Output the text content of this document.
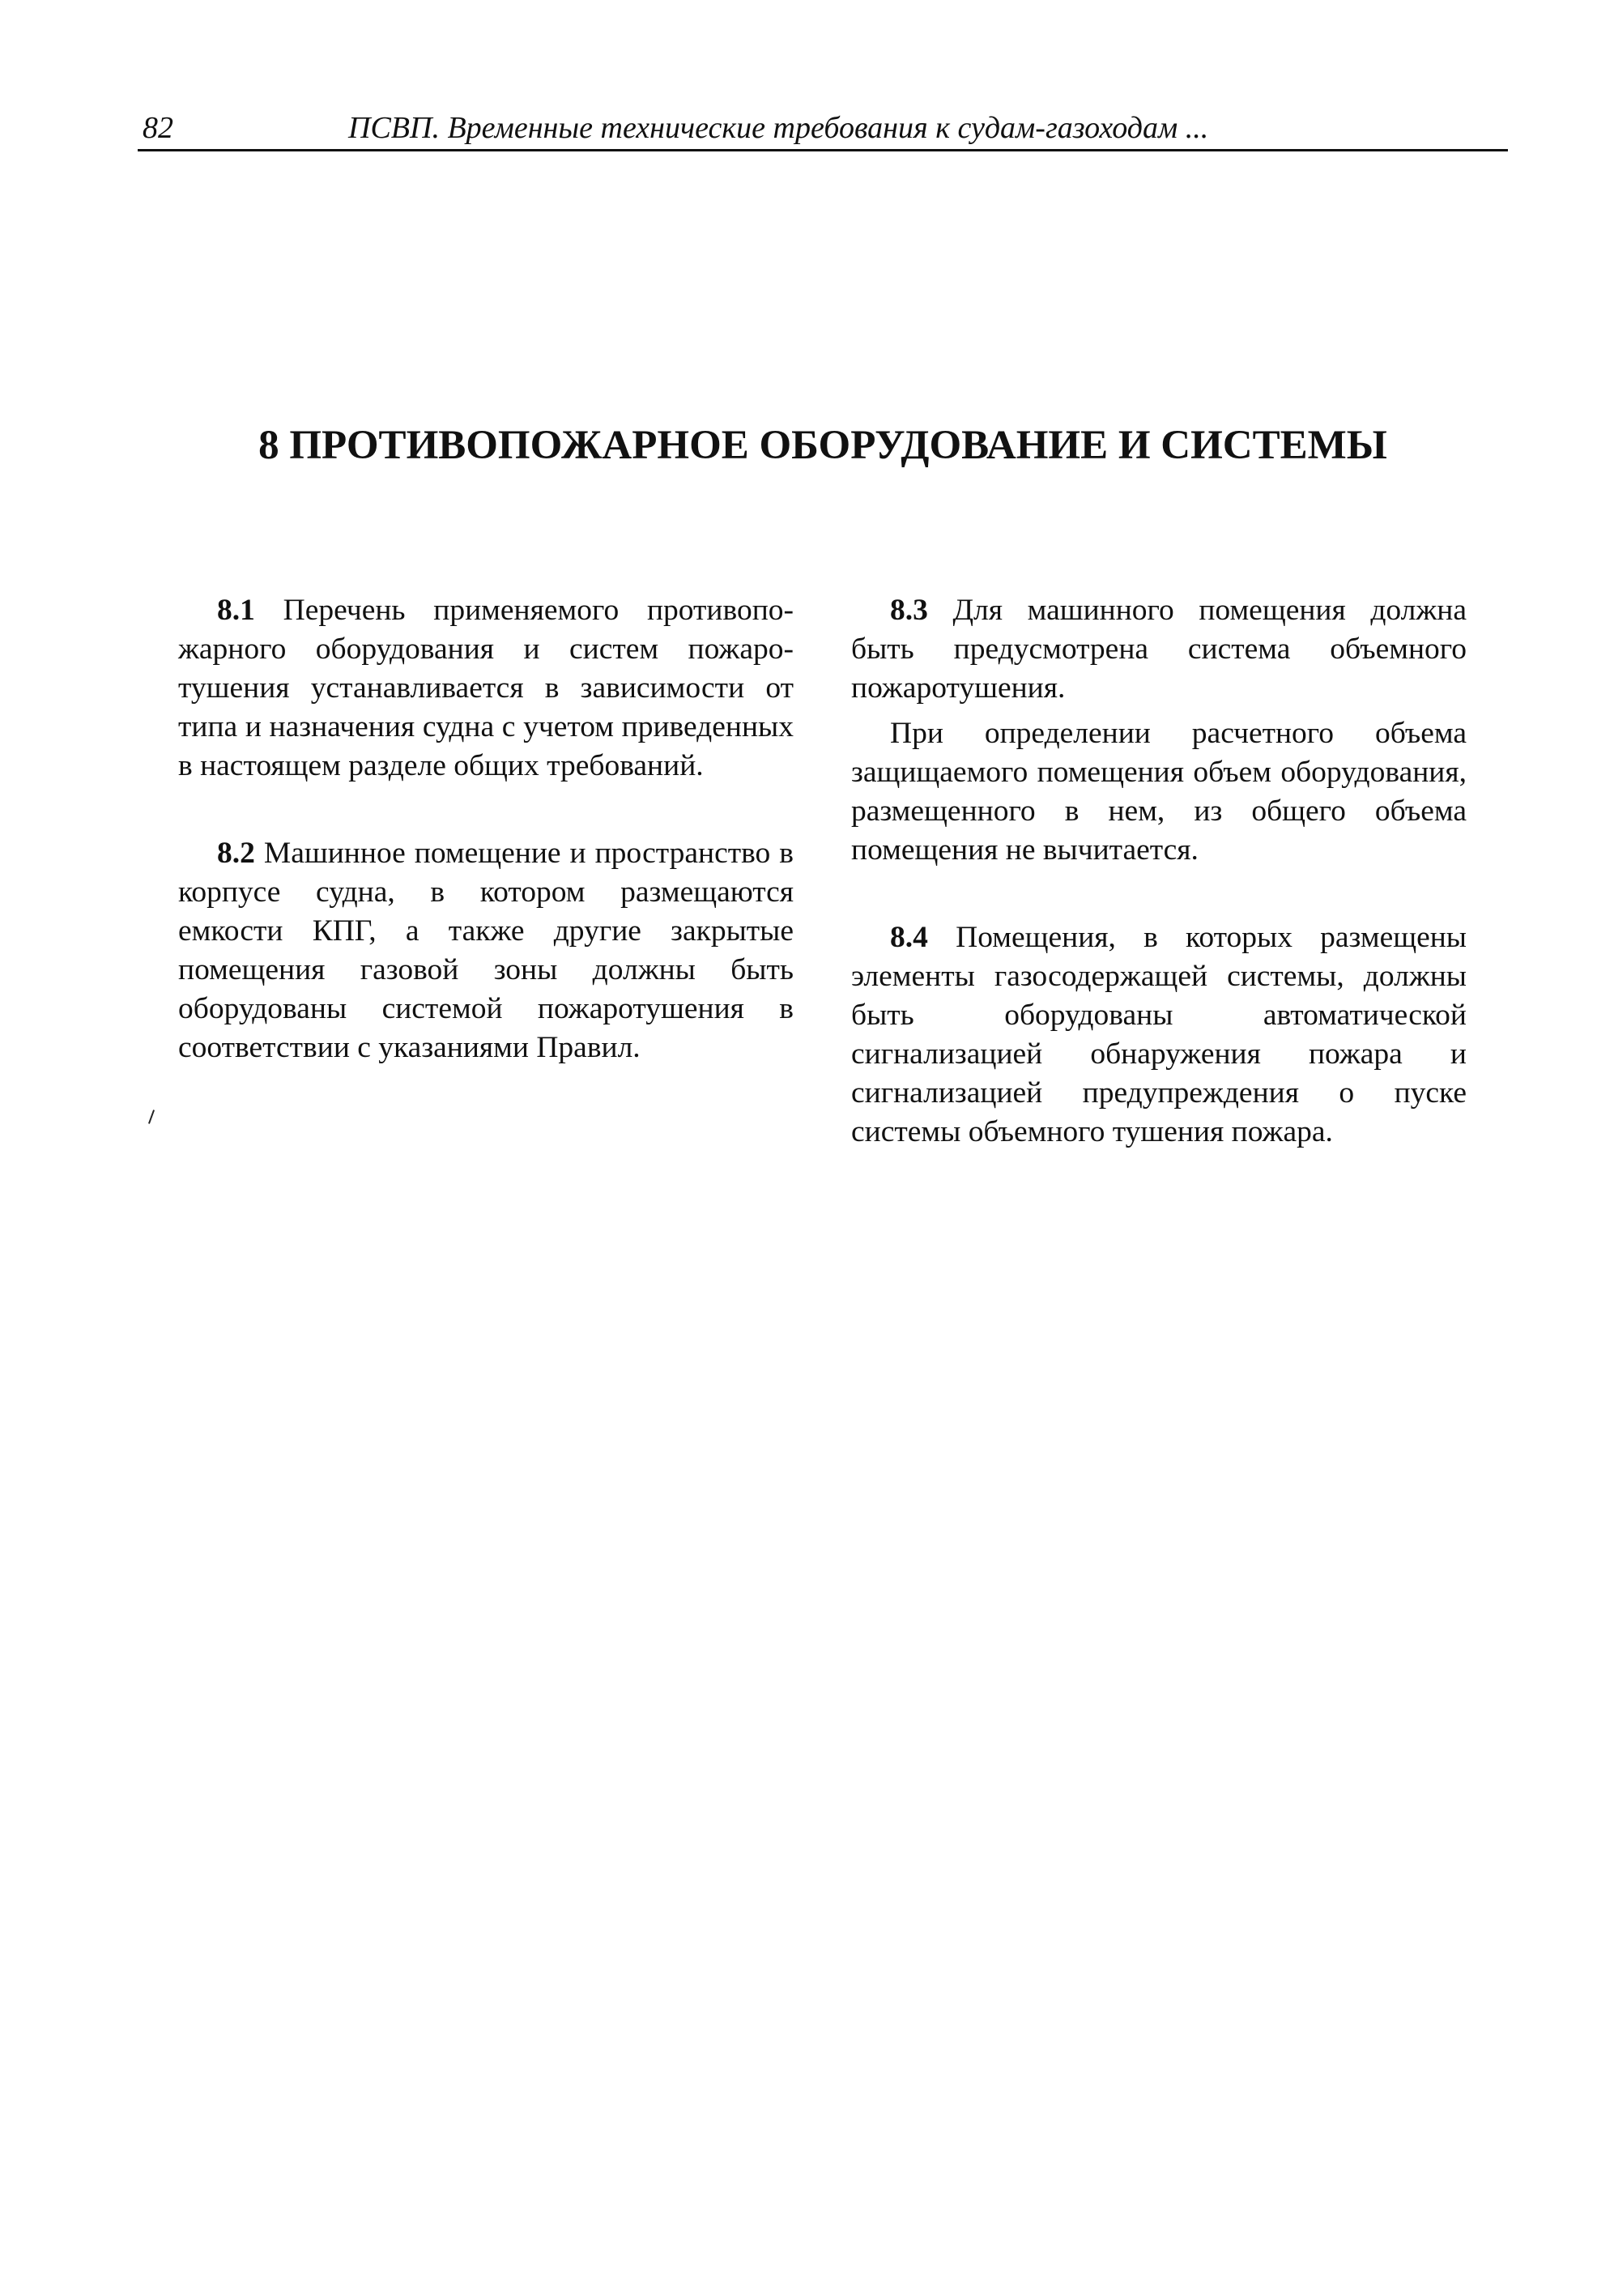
82	ПСВП. Временные технические требования к судам-газоходам ...
8 ПРОТИВОПОЖАРНОЕ ОБОРУДОВАНИЕ И СИСТЕМЫ

8.1 Перечень применяемого противопожарного оборудования и систем пожаротушения устанавливается в зависимости от типа и назначения судна с учетом приведенных в настоящем разделе общих требований.

8.2 Машинное помещение и пространство в корпусе судна, в котором размещаются емкости КПГ, а также другие закрытые помещения газовой зоны должны быть оборудованы системой пожаротушения в соответствии с указаниями Правил.

8.3 Для машинного помещения должна быть предусмотрена система объемного пожаротушения.

При определении расчетного объема защищаемого помещения объем оборудования, размещенного в нем, из общего объема помещения не вычитается.

8.4 Помещения, в которых размещены элементы газосодержащей системы, должны быть оборудованы автоматической сигнализацией обнаружения пожара и сигнализацией предупреждения о пуске системы объемного тушения пожара.
